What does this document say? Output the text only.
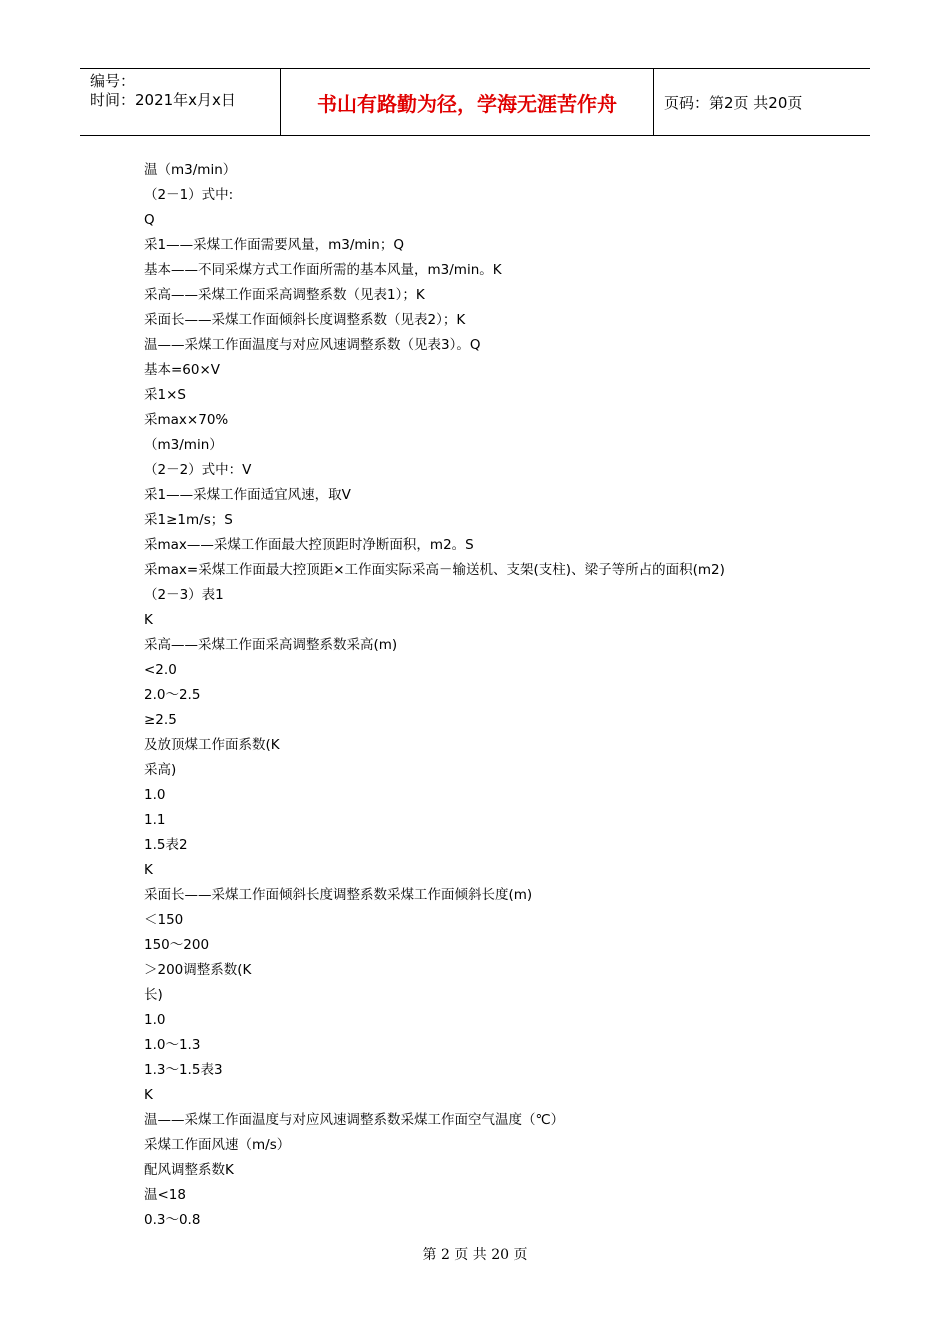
编号：
时间：2021年x月x日	书山有路勤为径，学海无涯苦作舟	页码：第2页 共20页
温（m3/min）
（2－1）式中:
Q
采1——采煤工作面需要风量，m3/min；Q
基本——不同采煤方式工作面所需的基本风量，m3/min。K
采高——采煤工作面采高调整系数（见表1）；K
采面长——采煤工作面倾斜长度调整系数（见表2）；K
温——采煤工作面温度与对应风速调整系数（见表3）。Q
基本=60×V
采1×S
采max×70%
（m3/min）
（2－2）式中：V
采1——采煤工作面适宜风速，取V
采1≥1m/s；S
采max——采煤工作面最大控顶距时净断面积，m2。S
采max=采煤工作面最大控顶距×工作面实际采高－输送机、支架(支柱)、梁子等所占的面积(m2)
（2－3）表1
K
采高——采煤工作面采高调整系数采高(m)
<2.0
2.0～2.5
≥2.5
及放顶煤工作面系数(K
采高)
1.0
1.1
1.5表2
K
采面长——采煤工作面倾斜长度调整系数采煤工作面倾斜长度(m)
＜150
150～200
＞200调整系数(K
长)
1.0
1.0～1.3
1.3～1.5表3
K
温——采煤工作面温度与对应风速调整系数采煤工作面空气温度（℃）
采煤工作面风速（m/s）
配风调整系数K
温<18
0.3～0.8
第 2 页 共 20 页
